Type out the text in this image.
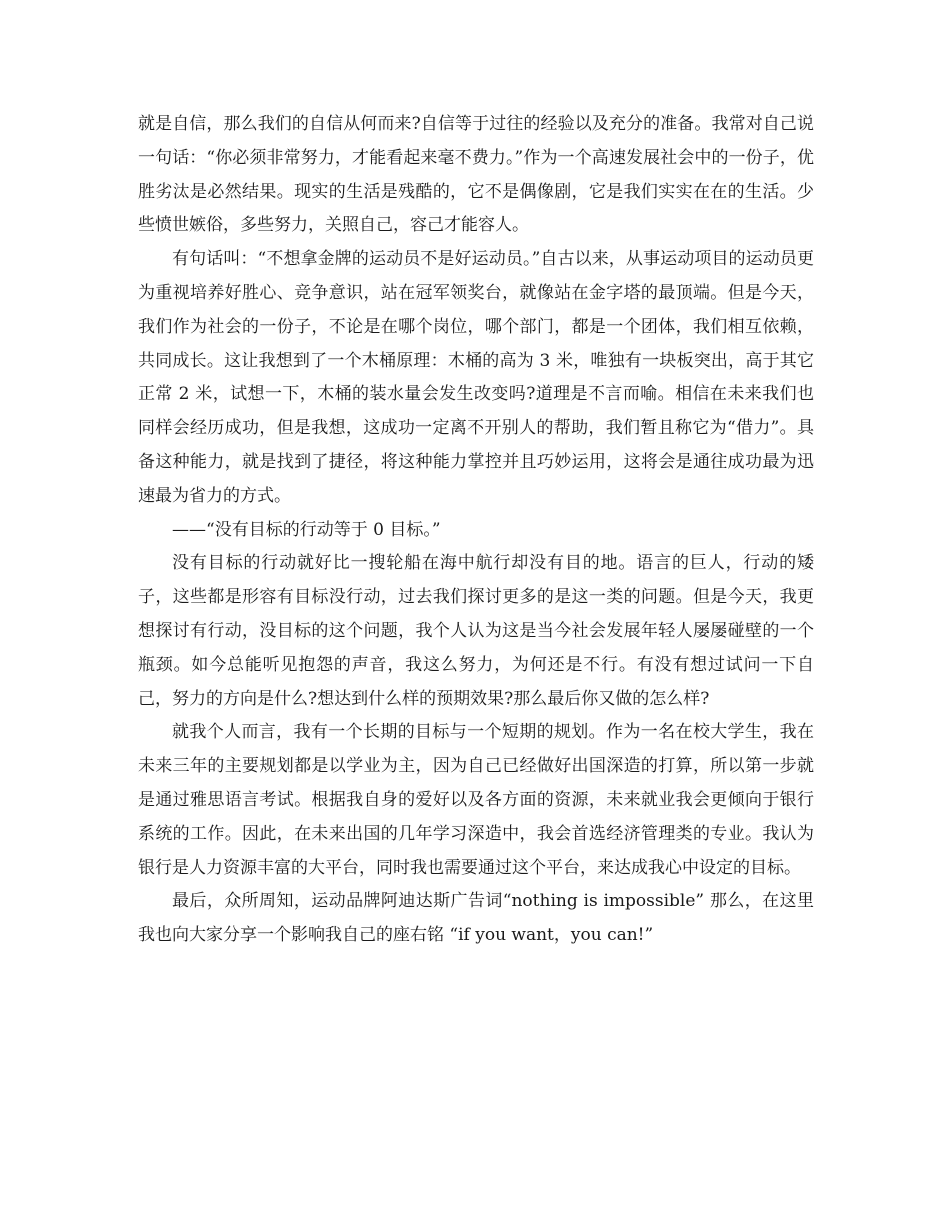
就是自信，那么我们的自信从何而来?自信等于过往的经验以及充分的准备。我常对自己说一句话：“你必须非常努力，才能看起来毫不费力。”作为一个高速发展社会中的一份子，优胜劣汰是必然结果。现实的生活是残酷的，它不是偶像剧，它是我们实实在在的生活。少些愤世嫉俗，多些努力，关照自己，容己才能容人。

有句话叫：“不想拿金牌的运动员不是好运动员。”自古以来，从事运动项目的运动员更为重视培养好胜心、竞争意识，站在冠军领奖台，就像站在金字塔的最顶端。但是今天，我们作为社会的一份子，不论是在哪个岗位，哪个部门，都是一个团体，我们相互依赖，共同成长。这让我想到了一个木桶原理：木桶的高为 3 米，唯独有一块板突出，高于其它正常 2 米，试想一下，木桶的装水量会发生改变吗?道理是不言而喻。相信在未来我们也同样会经历成功，但是我想，这成功一定离不开别人的帮助，我们暂且称它为“借力”。具备这种能力，就是找到了捷径，将这种能力掌控并且巧妙运用，这将会是通往成功最为迅速最为省力的方式。

——“没有目标的行动等于 0 目标。”

没有目标的行动就好比一搜轮船在海中航行却没有目的地。语言的巨人，行动的矮子，这些都是形容有目标没行动，过去我们探讨更多的是这一类的问题。但是今天，我更想探讨有行动，没目标的这个问题，我个人认为这是当今社会发展年轻人屡屡碰壁的一个瓶颈。如今总能听见抱怨的声音，我这么努力，为何还是不行。有没有想过试问一下自己，努力的方向是什么?想达到什么样的预期效果?那么最后你又做的怎么样?

就我个人而言，我有一个长期的目标与一个短期的规划。作为一名在校大学生，我在未来三年的主要规划都是以学业为主，因为自己已经做好出国深造的打算，所以第一步就是通过雅思语言考试。根据我自身的爱好以及各方面的资源，未来就业我会更倾向于银行系统的工作。因此，在未来出国的几年学习深造中，我会首选经济管理类的专业。我认为银行是人力资源丰富的大平台，同时我也需要通过这个平台，来达成我心中设定的目标。

最后，众所周知，运动品牌阿迪达斯广告词“nothing is impossible” 那么，在这里我也向大家分享一个影响我自己的座右铭 “if you want，you can!”
